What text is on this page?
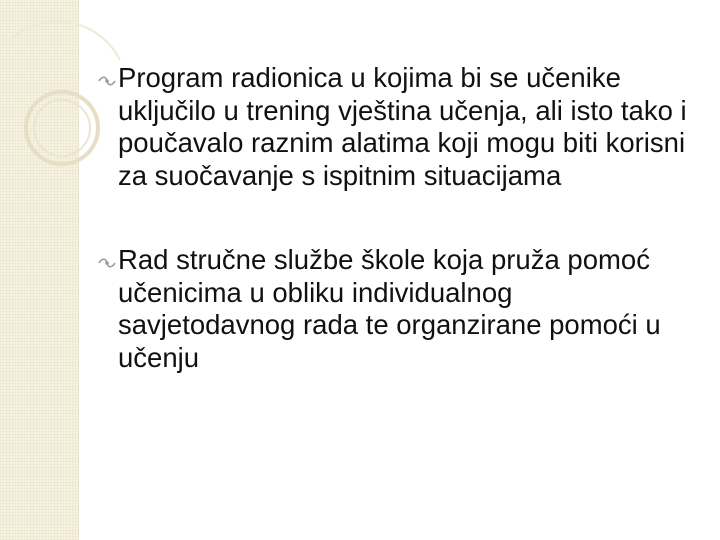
Program radionica u kojima bi se učenike uključilo u trening vještina učenja, ali isto tako i poučavalo raznim alatima koji mogu biti korisni za suočavanje s ispitnim situacijama
Rad stručne službe škole koja pruža pomoć učenicima u obliku individualnog savjetodavnog rada te organzirane pomoći u učenju
